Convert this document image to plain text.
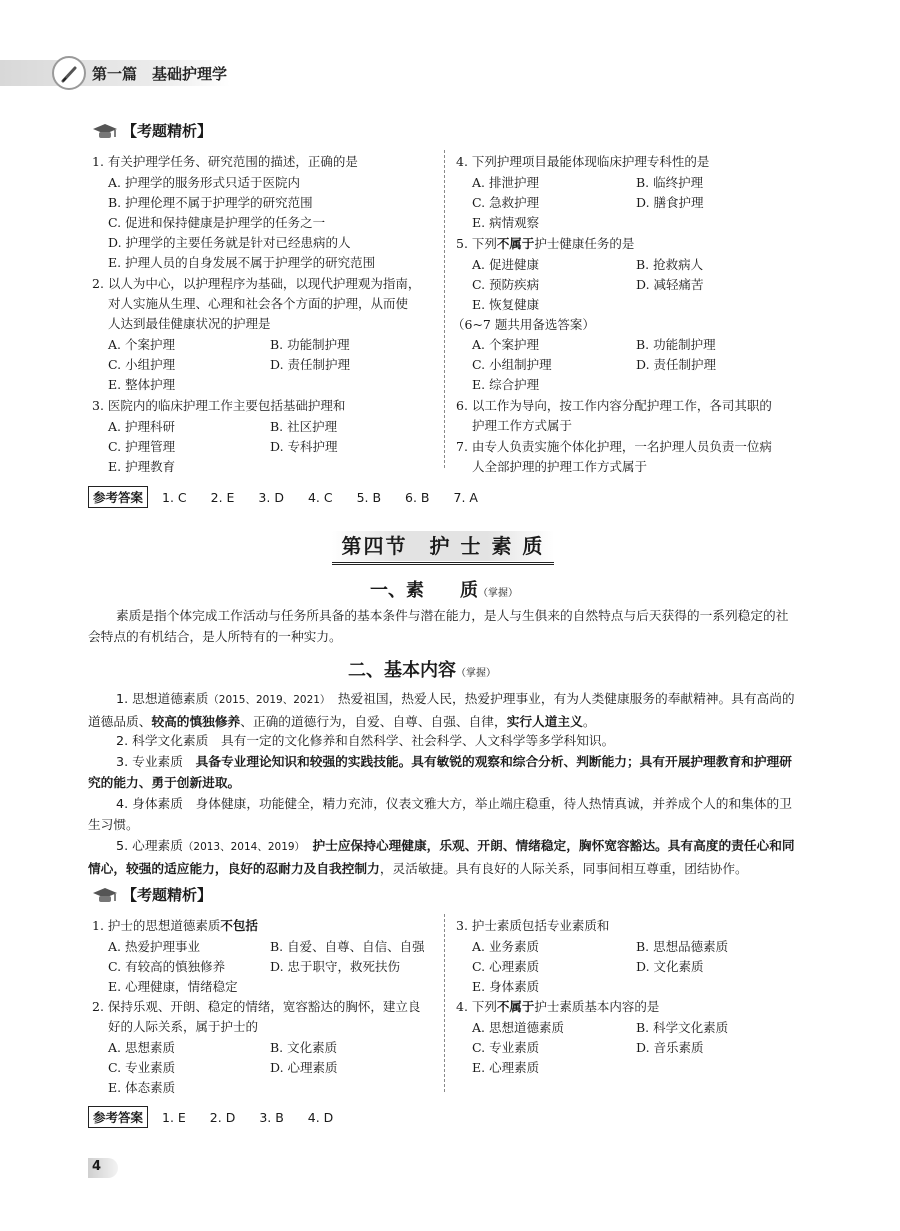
第一篇　基础护理学
【考题精析】
1. 有关护理学任务、研究范围的描述，正确的是
A. 护理学的服务形式只适于医院内
B. 护理伦理不属于护理学的研究范围
C. 促进和保持健康是护理学的任务之一
D. 护理学的主要任务就是针对已经患病的人
E. 护理人员的自身发展不属于护理学的研究范围
2. 以人为中心，以护理程序为基础，以现代护理观为指南，
对人实施从生理、心理和社会各个方面的护理，从而使
人达到最佳健康状况的护理是
A. 个案护理	B. 功能制护理
C. 小组护理	D. 责任制护理
E. 整体护理
3. 医院内的临床护理工作主要包括基础护理和
A. 护理科研	B. 社区护理
C. 护理管理	D. 专科护理
E. 护理教育
4. 下列护理项目最能体现临床护理专科性的是
A. 排泄护理	B. 临终护理
C. 急救护理	D. 膳食护理
E. 病情观察
5. 下列不属于护士健康任务的是
A. 促进健康	B. 抢救病人
C. 预防疾病	D. 减轻痛苦
E. 恢复健康
（6~7 题共用备选答案）
A. 个案护理	B. 功能制护理
C. 小组制护理	D. 责任制护理
E. 综合护理
6. 以工作为导向，按工作内容分配护理工作，各司其职的
护理工作方式属于
7. 由专人负责实施个体化护理，一名护理人员负责一位病
人全部护理的护理工作方式属于
参考答案 1. C 2. E 3. D 4. C 5. B 6. B 7. A
第四节　护 士 素 质
一、素　　质（掌握）
素质是指个体完成工作活动与任务所具备的基本条件与潜在能力，是人与生俱来的自然特点与后天获得的一系列稳定的社会特点的有机结合，是人所特有的一种实力。
二、基本内容（掌握）
1. 思想道德素质（2015、2019、2021）　热爱祖国，热爱人民，热爱护理事业，有为人类健康服务的奉献精神。具有高尚的道德品质、较高的慎独修养、正确的道德行为，自爱、自尊、自强、自律，实行人道主义。
2. 科学文化素质　具有一定的文化修养和自然科学、社会科学、人文科学等多学科知识。
3. 专业素质　具备专业理论知识和较强的实践技能。具有敏锐的观察和综合分析、判断能力；具有开展护理教育和护理研究的能力、勇于创新进取。
4. 身体素质　身体健康，功能健全，精力充沛，仪表文雅大方，举止端庄稳重，待人热情真诚，并养成个人的和集体的卫生习惯。
5. 心理素质（2013、2014、2019）　护士应保持心理健康，乐观、开朗、情绪稳定，胸怀宽容豁达。具有高度的责任心和同情心，较强的适应能力，良好的忍耐力及自我控制力，灵活敏捷。具有良好的人际关系，同事间相互尊重，团结协作。
【考题精析】
1. 护士的思想道德素质不包括
A. 热爱护理事业	B. 自爱、自尊、自信、自强
C. 有较高的慎独修养	D. 忠于职守，救死扶伤
E. 心理健康，情绪稳定
2. 保持乐观、开朗、稳定的情绪，宽容豁达的胸怀，建立良
好的人际关系，属于护士的
A. 思想素质	B. 文化素质
C. 专业素质	D. 心理素质
E. 体态素质
3. 护士素质包括专业素质和
A. 业务素质	B. 思想品德素质
C. 心理素质	D. 文化素质
E. 身体素质
4. 下列不属于护士素质基本内容的是
A. 思想道德素质	B. 科学文化素质
C. 专业素质	D. 音乐素质
E. 心理素质
参考答案 1. E 2. D 3. B 4. D
4
